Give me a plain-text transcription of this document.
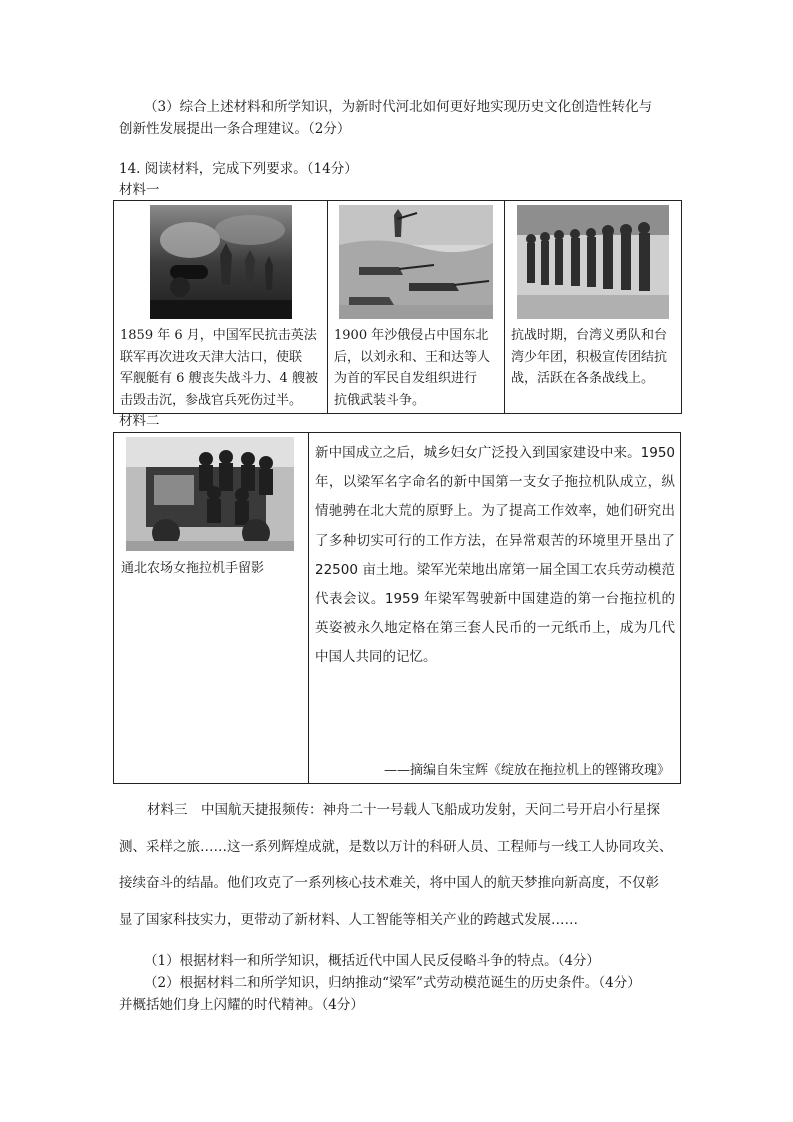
（3）综合上述材料和所学知识，为新时代河北如何更好地实现历史文化创造性转化与
创新性发展提出一条合理建议。（2分）
14. 阅读材料，完成下列要求。（14分）
材料一
1859 年 6 月，中国军民抗击英法
联军再次进攻天津大沽口，使联
军舰艇有 6 艘丧失战斗力、4 艘被
击毁击沉，参战官兵死伤过半。

1900 年沙俄侵占中国东北
后，以刘永和、王和达等人
为首的军民自发组织进行
抗俄武装斗争。

抗战时期，台湾义勇队和台
湾少年团，积极宣传团结抗
战，活跃在各条战线上。
材料二
通北农场女拖拉机手留影
新中国成立之后，城乡妇女广泛投入到国家建设中来。1950年，以梁军名字命名的新中国第一支女子拖拉机队成立，纵情驰骋在北大荒的原野上。为了提高工作效率，她们研究出了多种切实可行的工作方法，在异常艰苦的环境里开垦出了22500 亩土地。梁军光荣地出席第一届全国工农兵劳动模范代表会议。1959 年梁军驾驶新中国建造的第一台拖拉机的英姿被永久地定格在第三套人民币的一元纸币上，成为几代中国人共同的记忆。
——摘编自朱宝辉《绽放在拖拉机上的铿锵玫瑰》
材料三　中国航天捷报频传：神舟二十一号载人飞船成功发射，天问二号开启小行星探
测、采样之旅……这一系列辉煌成就，是数以万计的科研人员、工程师与一线工人协同攻关、
接续奋斗的结晶。他们攻克了一系列核心技术难关，将中国人的航天梦推向新高度，不仅彰
显了国家科技实力，更带动了新材料、人工智能等相关产业的跨越式发展……
（1）根据材料一和所学知识，概括近代中国人民反侵略斗争的特点。（4分）
（2）根据材料二和所学知识，归纳推动“梁军”式劳动模范诞生的历史条件。（4分）
并概括她们身上闪耀的时代精神。（4分）
